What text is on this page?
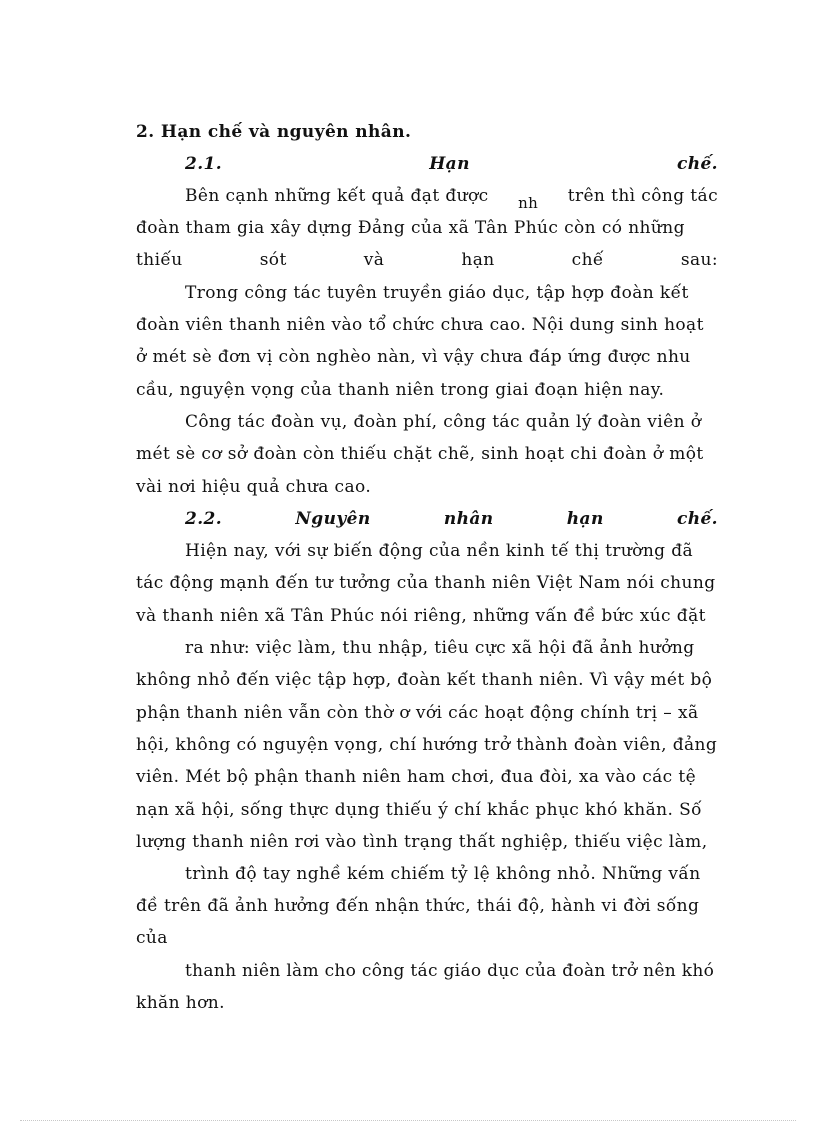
2. Hạn chế và nguyên nhân.
2.1.	Hạn	chế.
Bên cạnh những kết quả đạt được nh trên thì công tác
đoàn tham gia xây dựng Đảng của xã Tân Phúc còn có những
thiếu	sót	và	hạn	chế	sau:
Trong công tác tuyên truyền giáo dục, tập hợp đoàn kết
đoàn viên thanh niên vào tổ chức chưa cao. Nội dung sinh hoạt
ở mét sè đơn vị còn nghèo nàn, vì vậy chưa đáp ứng được nhu
cầu, nguyện vọng của thanh niên trong giai đoạn hiện nay.
Công tác đoàn vụ, đoàn phí, công tác quản lý đoàn viên ở
mét sè cơ sở đoàn còn thiếu chặt chẽ, sinh hoạt chi đoàn ở một
vài nơi hiệu quả chưa cao.
2.2.	Nguyên	nhân	hạn	chế.
Hiện nay, với sự biến động của nền kinh tế thị trường đã
tác động mạnh đến tư tưởng của thanh niên Việt Nam nói chung
và thanh niên xã Tân Phúc nói riêng, những vấn đề bức xúc đặt
ra như: việc làm, thu nhập, tiêu cực xã hội đã ảnh hưởng
không nhỏ đến việc tập hợp, đoàn kết thanh niên. Vì vậy mét bộ
phận thanh niên vẫn còn thờ ơ với các hoạt động chính trị – xã
hội, không có nguyện vọng, chí hướng trở thành đoàn viên, đảng
viên. Mét bộ phận thanh niên ham chơi, đua đòi, xa vào các tệ
nạn xã hội, sống thực dụng thiếu ý chí khắc phục khó khăn. Số
lượng thanh niên rơi vào tình trạng thất nghiệp, thiếu việc làm,
trình độ tay nghề kém chiếm tỷ lệ không nhỏ. Những vấn
đề trên đã ảnh hưởng đến nhận thức, thái độ, hành vi đời sống
của
thanh niên làm cho công tác giáo dục của đoàn trở nên khó
khăn hơn.
